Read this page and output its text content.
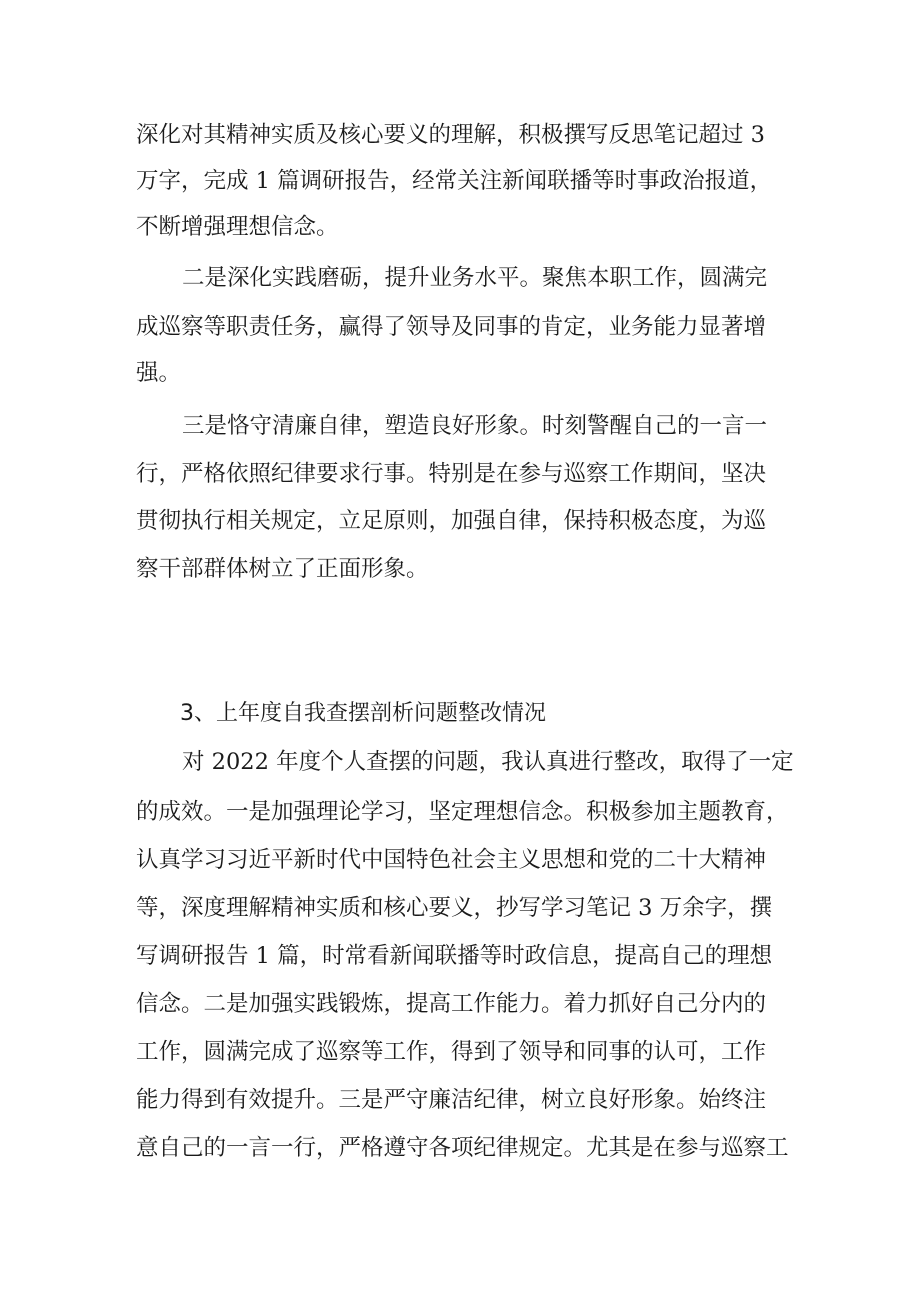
深化对其精神实质及核心要义的理解，积极撰写反思笔记超过 3
万字，完成 1 篇调研报告，经常关注新闻联播等时事政治报道，
不断增强理想信念。
二是深化实践磨砺，提升业务水平。聚焦本职工作，圆满完
成巡察等职责任务，赢得了领导及同事的肯定，业务能力显著增
强。
三是恪守清廉自律，塑造良好形象。时刻警醒自己的一言一
行，严格依照纪律要求行事。特别是在参与巡察工作期间，坚决
贯彻执行相关规定，立足原则，加强自律，保持积极态度，为巡
察干部群体树立了正面形象。
3、上年度自我查摆剖析问题整改情况
对 2022 年度个人查摆的问题，我认真进行整改，取得了一定
的成效。一是加强理论学习，坚定理想信念。积极参加主题教育，
认真学习习近平新时代中国特色社会主义思想和党的二十大精神
等，深度理解精神实质和核心要义，抄写学习笔记 3 万余字，撰
写调研报告 1 篇，时常看新闻联播等时政信息，提高自己的理想
信念。二是加强实践锻炼，提高工作能力。着力抓好自己分内的
工作，圆满完成了巡察等工作，得到了领导和同事的认可，工作
能力得到有效提升。三是严守廉洁纪律，树立良好形象。始终注
意自己的一言一行，严格遵守各项纪律规定。尤其是在参与巡察工
